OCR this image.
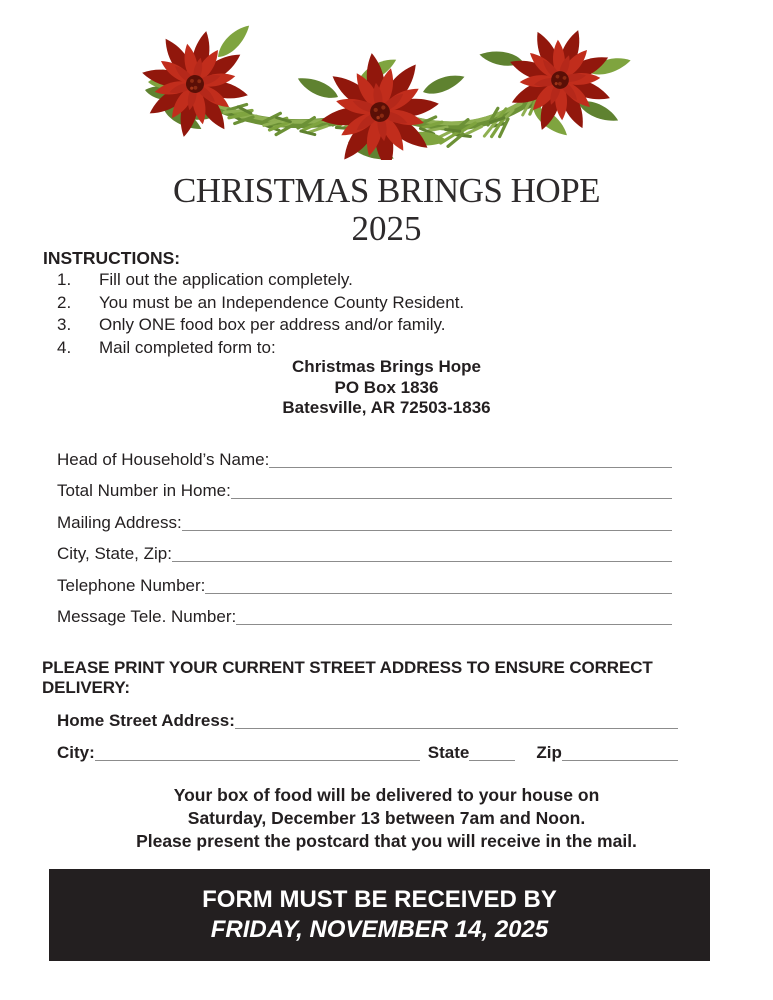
CHRISTMAS BRINGS HOPE
2025
INSTRUCTIONS:
1.	Fill out the application completely.
2.	You must be an Independence County Resident.
3.	Only ONE food box per address and/or family.
4.	Mail completed form to:
Christmas Brings Hope
PO Box 1836
Batesville, AR 72503-1836
Head of Household’s Name:
Total Number in Home:
Mailing Address:
City, State, Zip:
Telephone Number:
Message Tele. Number:
PLEASE PRINT YOUR CURRENT STREET ADDRESS TO ENSURE CORRECT DELIVERY:
Home Street Address:
City:	State	Zip
Your box of food will be delivered to your house on
Saturday, December 13 between 7am and Noon.
Please present the postcard that you will receive in the mail.
FORM MUST BE RECEIVED BY
FRIDAY, NOVEMBER 14, 2025
